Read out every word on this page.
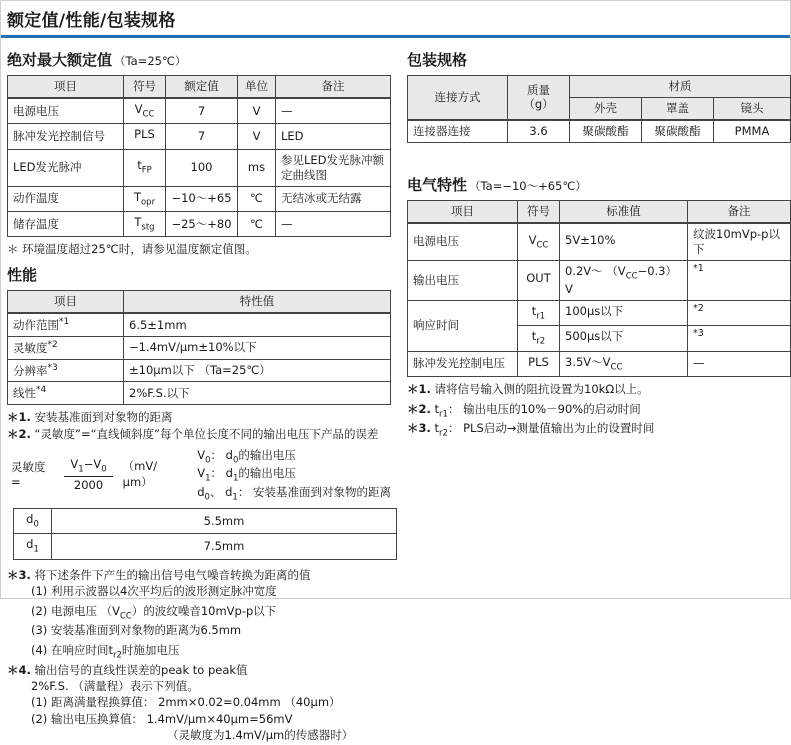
额定值/性能/包装规格
绝对最大额定值 （Ta=25℃）
项目	符号	额定值	单位	备注
电源电压	$V_{CC}$	7	V	—
脉冲发光控制信号	PLS	7	V	LED
LED发光脉冲	$t_{FP}$	100	ms	参见LED发光脉冲额定曲线图
动作温度	$T_{opr}$	−10～+65	℃	无结冰或无结露
储存温度	$T_{stg}$	−25～+80	℃	—
＊ 环境温度超过25℃时，请参见温度额定值图。
性能
项目	特性值
动作范围$^{*1}$	6.5±1mm
灵敏度$^{*2}$	−1.4mV/μm±10%以下
分辨率$^{*3}$	±10μm以下 （Ta=25℃）
线性$^{*4}$	2%F.S.以下
＊1. 安装基准面到对象物的距离
＊2. “灵敏度”=“直线倾斜度”每个单位长度不同的输出电压下产品的误差
灵敏度 =	$\frac{V_1-V_0}{2000} (mV/\mu m)$
$V_0$： $d_0$的输出电压
$V_1$： $d_1$的输出电压
$d_0$、 $d_1$： 安装基准面到对象物的距离
$d_0$	5.5mm
$d_1$	7.5mm
＊3. 将下述条件下产生的输出信号电气噪音转换为距离的值
(1) 利用示波器以4次平均后的波形测定脉冲宽度
(2) 电源电压 $(V_{CC})$的波纹噪音10mVp-p以下
(3) 安装基准面到对象物的距离为6.5mm
(4) 在响应时间$t_{r2}$时施加电压
＊4. 输出信号的直线性误差的peak to peak值
2%F.S. （满量程）表示下列值。
(1) 距离满量程换算值： 2mm×0.02=0.04mm （40μm）
(2) 输出电压换算值： 1.4mV/μm×40μm=56mV
（灵敏度为1.4mV/μm的传感器时）
包装规格
连接方式	质量 （g）	材质		
		外壳	罩盖	镜头
连接器连接	3.6	聚碳酸酯	聚碳酸酯	PMMA
电气特性 （Ta=−10～+65℃）
项目	符号	标准值	备注
电源电压	$V_{CC}$	5V±10%	纹波10mVp-p以下
输出电压	OUT	0.2V～ $(V_{CC}-0.3)V$	*1
响应时间	$t_{r1}$	100μs以下	*2
	$t_{r2}$	500μs以下	*3
脉冲发光控制电压	PLS	$3.5V\sim V_{CC}$	—
＊1. 请将信号输入侧的阻抗设置为10kΩ以上。
＊2. $t_{r1}$： 输出电压的10%－90%的启动时间
＊3. $t_{r2}$： PLS启动→测量值输出为止的设置时间
